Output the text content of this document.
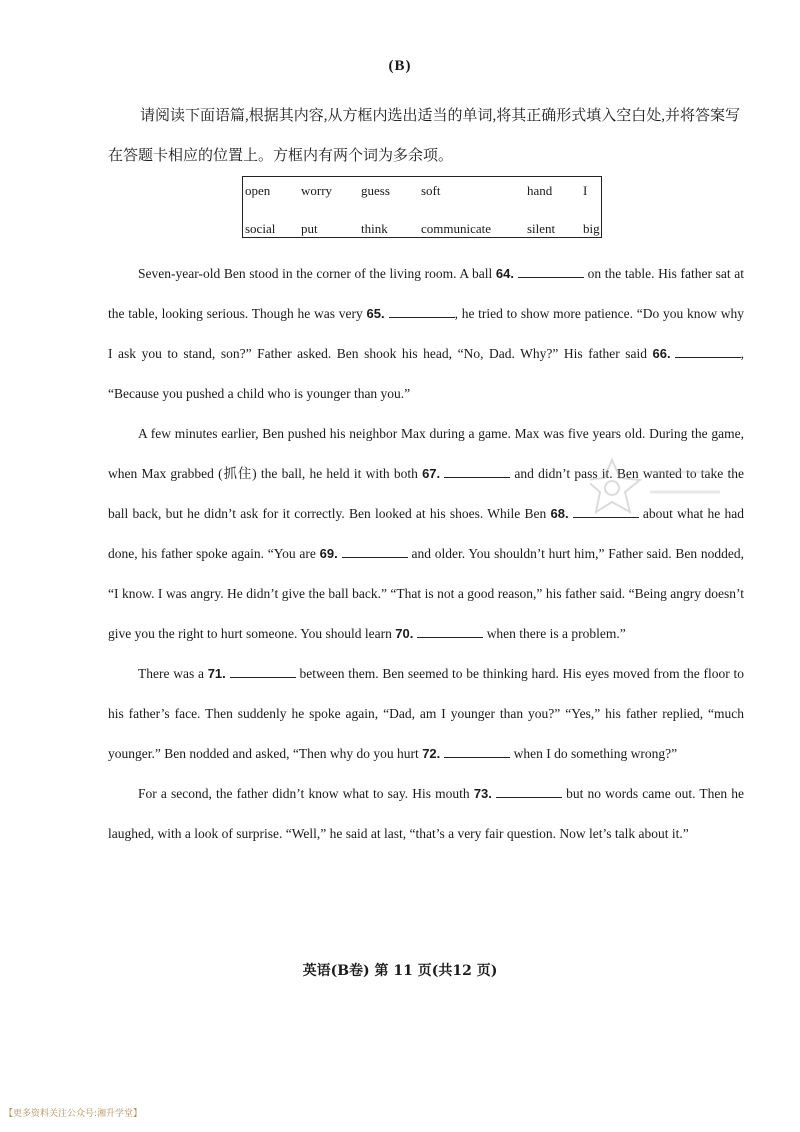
(B)
请阅读下面语篇,根据其内容,从方框内选出适当的单词,将其正确形式填入空白处,并将答案写在答题卡相应的位置上。方框内有两个词为多余项。
open worry guess soft	hand I
social put	think	communicate	silent big

Seven-year-old Ben stood in the corner of the living room. A ball 64.	on the table. His father sat at the table, looking serious. Though he was very 65.	, he tried to show more patience. “Do you know why I ask you to stand, son?” Father asked. Ben shook his head, “No, Dad. Why?” His father said 66.	, “Because you pushed a child who is younger than you.”

A few minutes earlier, Ben pushed his neighbor Max during a game. Max was five years old. During the game, when Max grabbed (抓住) the ball, he held it with both 67.	and didn’t pass it. Ben wanted to take the ball back, but he didn’t ask for it correctly. Ben looked at his shoes. While Ben 68.	about what he had done, his father spoke again. “You are 69.	and older. You shouldn’t hurt him,” Father said. Ben nodded, “I know. I was angry. He didn’t give the ball back.” “That is not a good reason,” his father said. “Being angry doesn’t give you the right to hurt someone. You should learn 70.	when there is a problem.”

There was a 71.	between them. Ben seemed to be thinking hard. His eyes moved from the floor to his father’s face. Then suddenly he spoke again, “Dad, am I younger than you?” “Yes,” his father replied, “much younger.” Ben nodded and asked, “Then why do you hurt 72.	when I do something wrong?”

For a second, the father didn’t know what to say. His mouth 73.	but no words came out. Then he laughed, with a look of surprise. “Well,” he said at last, “that’s a very fair question. Now let’s talk about it.”

英语(B卷) 第 11 页(共12 页)
【更多资料关注公众号:湘升学堂】
